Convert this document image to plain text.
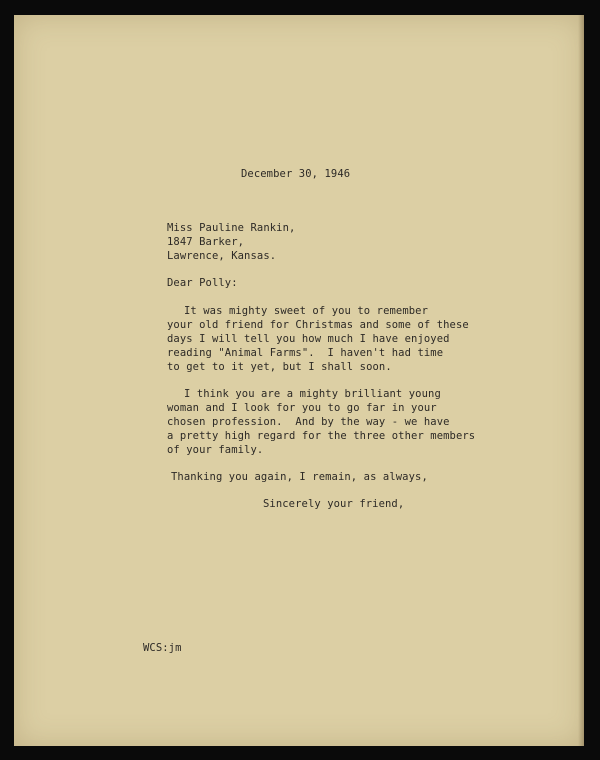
December 30, 1946

Miss Pauline Rankin,

1847 Barker,

Lawrence, Kansas.

Dear Polly:

It was mighty sweet of you to remember

your old friend for Christmas and some of these

days I will tell you how much I have enjoyed

reading "Animal Farms".  I haven't had time

to get to it yet, but I shall soon.

I think you are a mighty brilliant young

woman and I look for you to go far in your

chosen profession.  And by the way - we have

a pretty high regard for the three other members

of your family.

Thanking you again, I remain, as always,

Sincerely your friend,

WCS:jm
